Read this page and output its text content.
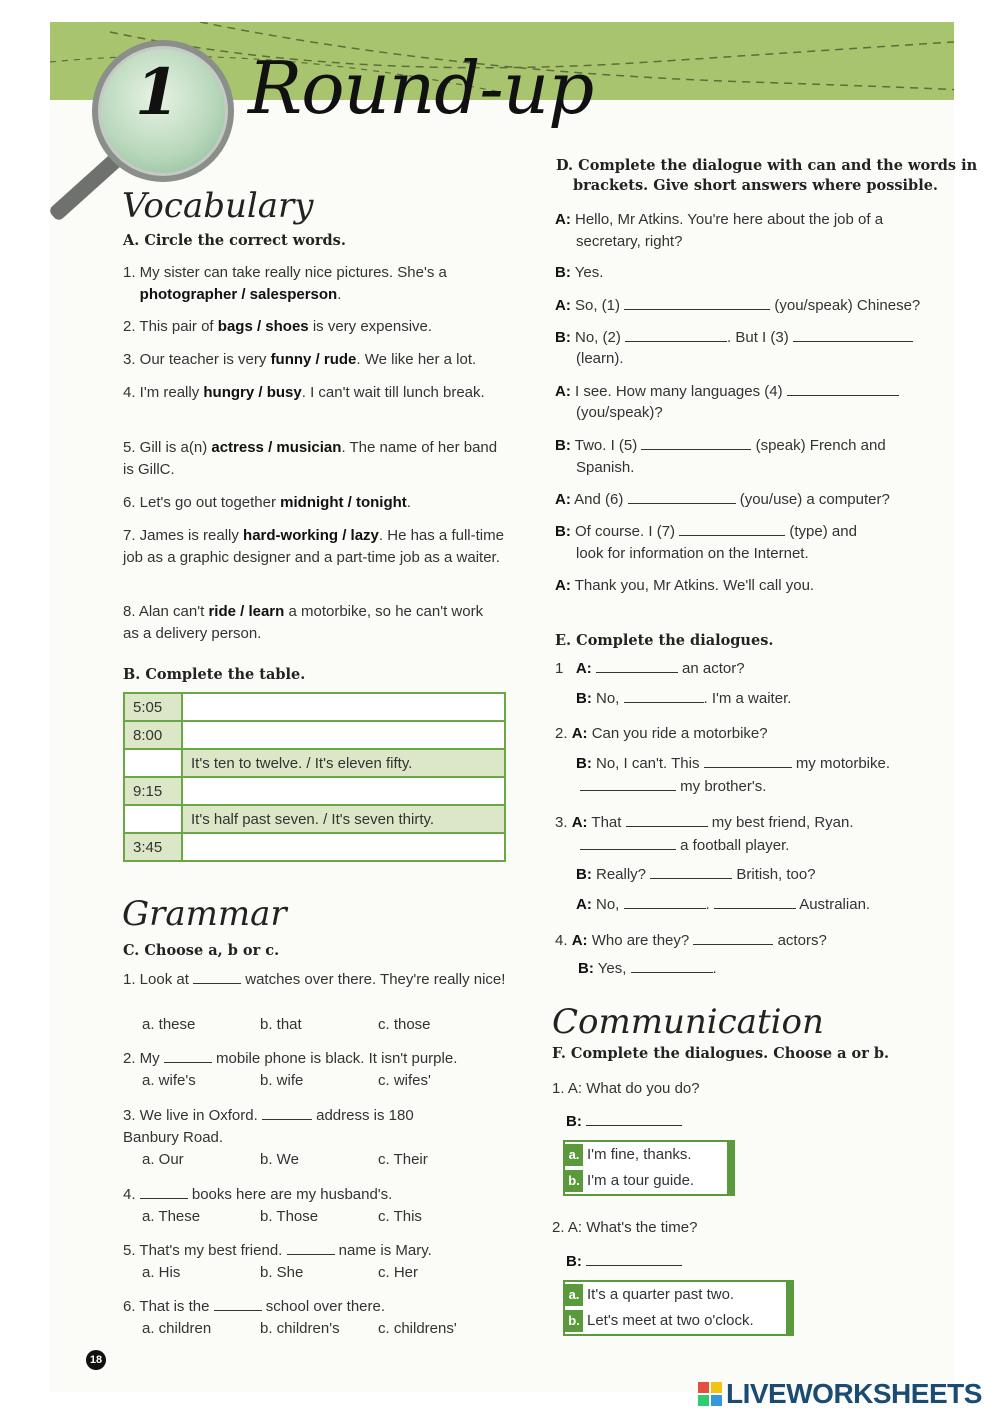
1 Round-up
Vocabulary
A. Circle the correct words.
1. My sister can take really nice pictures. She's a
photographer / salesperson.
2. This pair of bags / shoes is very expensive.
3. Our teacher is very funny / rude. We like her a lot.
4. I'm really hungry / busy. I can't wait till lunch break.
5. Gill is a(n) actress / musician. The name of her band is GillC.
6. Let's go out together midnight / tonight.
7. James is really hard-working / lazy. He has a full-time job as a graphic designer and a part-time job as a waiter.
8. Alan can't ride / learn a motorbike, so he can't work as a delivery person.
B. Complete the table.
5:05	
8:00	
	It's ten to twelve. / It's eleven fifty.
9:15	
	It's half past seven. / It's seven thirty.
3:45	
Grammar
C. Choose a, b or c.
1. Look at	watches over there. They're really nice!
a. these	b. that	c. those
2. My	mobile phone is black. It isn't purple.
a. wife's	b. wife	c. wifes'
3. We live in Oxford.	address is 180 Banbury Road.
a. Our	b. We	c. Their
4.	books here are my husband's.
a. These	b. Those	c. This
5. That's my best friend.	name is Mary.
a. His	b. She	c. Her
6. That is the	school over there.
a. children	b. children's	c. childrens'
18
D. Complete the dialogue with can and the words in
brackets. Give short answers where possible.
A: Hello, Mr Atkins. You're here about the job of a
secretary, right?
B: Yes.
A: So, (1)	(you/speak) Chinese?
B: No, (2)	. But I (3)
(learn).
A: I see. How many languages (4)
(you/speak)?
B: Two. I (5)	(speak) French and
Spanish.
A: And (6)	(you/use) a computer?
B: Of course. I (7)	(type) and
look for information on the Internet.
A: Thank you, Mr Atkins. We'll call you.
E. Complete the dialogues.
1 A:	an actor?
B: No,	. I'm a waiter.
2. A: Can you ride a motorbike?
B: No, I can't. This	my motorbike.
my brother's.
3. A: That	my best friend, Ryan.
a football player.
B: Really?	British, too?
A: No,	.	Australian.
4. A: Who are they?	actors?
B: Yes,	.
Communication
F. Complete the dialogues. Choose a or b.
1. A: What do you do?
B:
a. I'm fine, thanks.
b. I'm a tour guide.
2. A: What's the time?
B:
a. It's a quarter past two.
b. Let's meet at two o'clock.
LIVEWORKSHEETS
